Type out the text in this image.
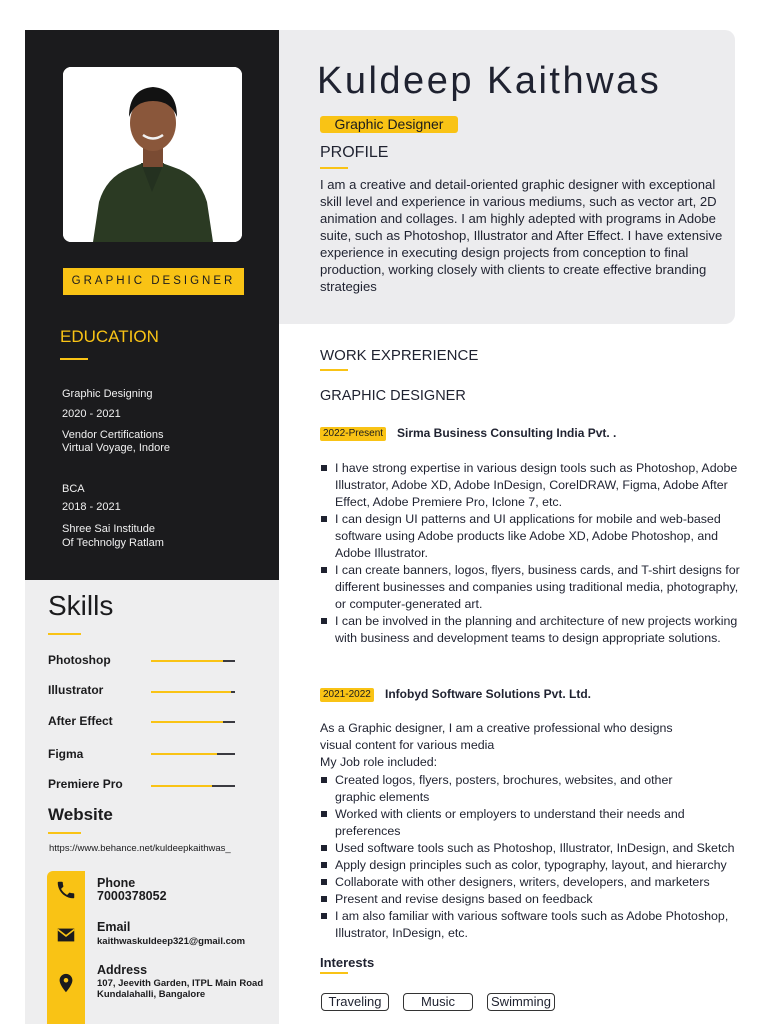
GRAPHIC DESIGNER
EDUCATION
Graphic Designing
2020 - 2021
Vendor Certifications
Virtual Voyage, Indore
BCA
2018 - 2021
Shree Sai Institude
Of Technolgy Ratlam
Skills
Photoshop
Illustrator
After Effect
Figma
Premiere Pro
Website
https://www.behance.net/kuldeepkaithwas_
Phone
7000378052
Email
kaithwaskuldeep321@gmail.com
Address
107, Jeevith Garden, ITPL Main Road
Kundalahalli, Bangalore
Kuldeep Kaithwas
Graphic Designer
PROFILE
I am a creative and detail-oriented graphic designer with exceptional skill level and experience in various mediums, such as vector art, 2D animation and collages. I am highly adepted with programs in Adobe suite, such as Photoshop, Illustrator and After Effect. I have extensive experience in executing design projects from conception to final production, working closely with clients to create effective branding strategies
WORK EXPRERIENCE
GRAPHIC DESIGNER
2022-Present Sirma Business Consulting India Pvt. .
I have strong expertise in various design tools such as Photoshop, Adobe Illustrator, Adobe XD, Adobe InDesign, CorelDRAW, Figma, Adobe After Effect, Adobe Premiere Pro, Iclone 7, etc.
I can design UI patterns and UI applications for mobile and web-based software using Adobe products like Adobe XD, Adobe Photoshop, and Adobe Illustrator.
I can create banners, logos, flyers, business cards, and T-shirt designs for different businesses and companies using traditional media, photography, or computer-generated art.
I can be involved in the planning and architecture of new projects working with business and development teams to design appropriate solutions.
2021-2022 Infobyd Software Solutions Pvt. Ltd.
As a Graphic designer, I am a creative professional who designs
visual content for various media
My Job role included:
Created logos, flyers, posters, brochures, websites, and other graphic elements
Worked with clients or employers to understand their needs and preferences
Used software tools such as Photoshop, Illustrator, InDesign, and Sketch
Apply design principles such as color, typography, layout, and hierarchy
Collaborate with other designers, writers, developers, and marketers
Present and revise designs based on feedback
I am also familiar with various software tools such as Adobe Photoshop, Illustrator, InDesign, etc.
Interests
Traveling	Music	Swimming
